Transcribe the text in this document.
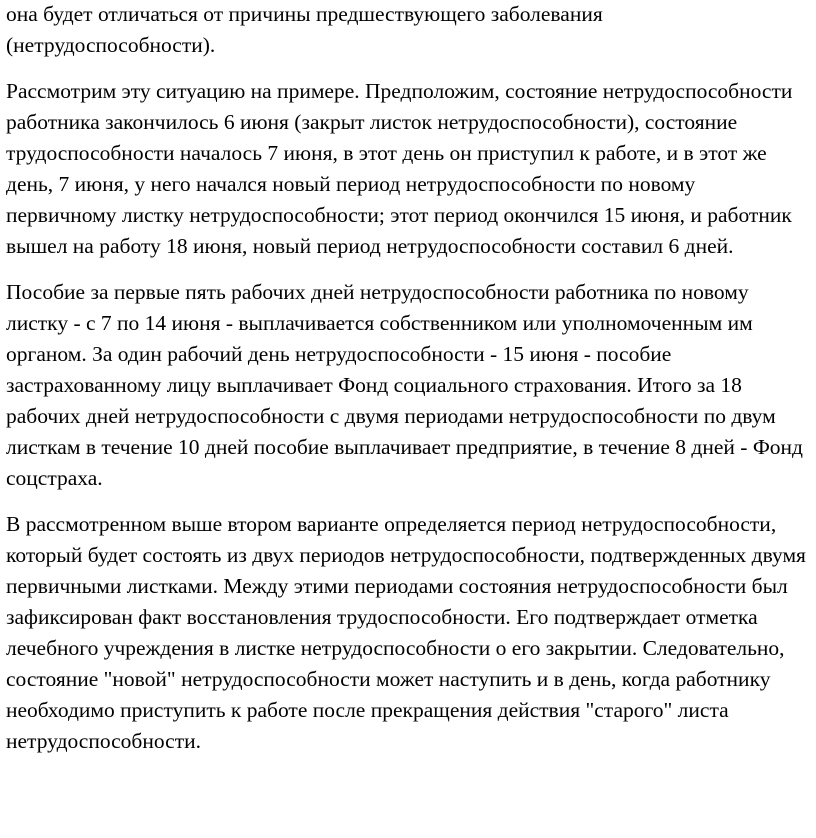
она будет отличаться от причины предшествующего заболевания (нетрудоспособности).

Рассмотрим эту ситуацию на примере. Предположим, состояние нетрудоспособности работника закончилось 6 июня (закрыт листок нетрудоспособности), состояние трудоспособности началось 7 июня, в этот день он приступил к работе, и в этот же день, 7 июня, у него начался новый период нетрудоспособности по новому первичному листку нетрудоспособности; этот период окончился 15 июня, и работник вышел на работу 18 июня, новый период нетрудоспособности составил 6 дней.

Пособие за первые пять рабочих дней нетрудоспособности работника по новому листку - с 7 по 14 июня - выплачивается собственником или уполномоченным им органом. За один рабочий день нетрудоспособности - 15 июня - пособие застрахованному лицу выплачивает Фонд социального страхования. Итого за 18 рабочих дней нетрудоспособности с двумя периодами нетрудоспособности по двум листкам в течение 10 дней пособие выплачивает предприятие, в течение 8 дней - Фонд соцстраха.

В рассмотренном выше втором варианте определяется период нетрудоспособности, который будет состоять из двух периодов нетрудоспособности, подтвержденных двумя первичными листками. Между этими периодами состояния нетрудоспособности был зафиксирован факт восстановления трудоспособности. Его подтверждает отметка лечебного учреждения в листке нетрудоспособности о его закрытии. Следовательно, состояние "новой" нетрудоспособности может наступить и в день, когда работнику необходимо приступить к работе после прекращения действия "старого" листа нетрудоспособности.
